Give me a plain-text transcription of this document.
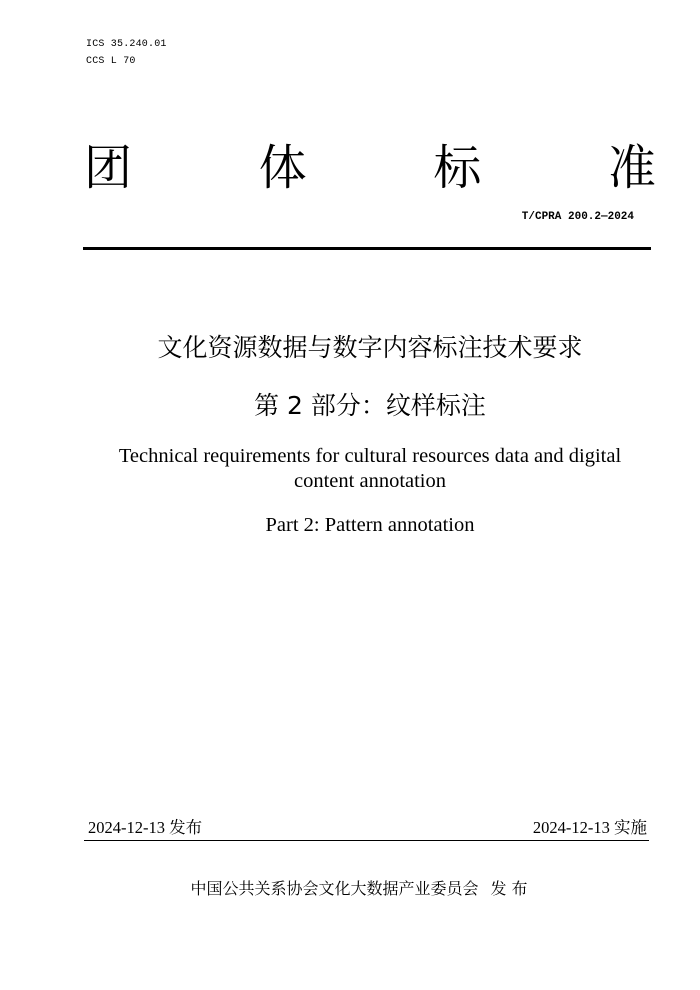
ICS 35.240.01
CCS L 70
团	体	标	准
T/CPRA 200.2—2024
文化资源数据与数字内容标注技术要求
第 2 部分：纹样标注
Technical requirements for cultural resources data and digital content annotation
Part 2: Pattern annotation
2024-12-13 发布	2024-12-13 实施
中国公共关系协会文化大数据产业委员会 发 布
